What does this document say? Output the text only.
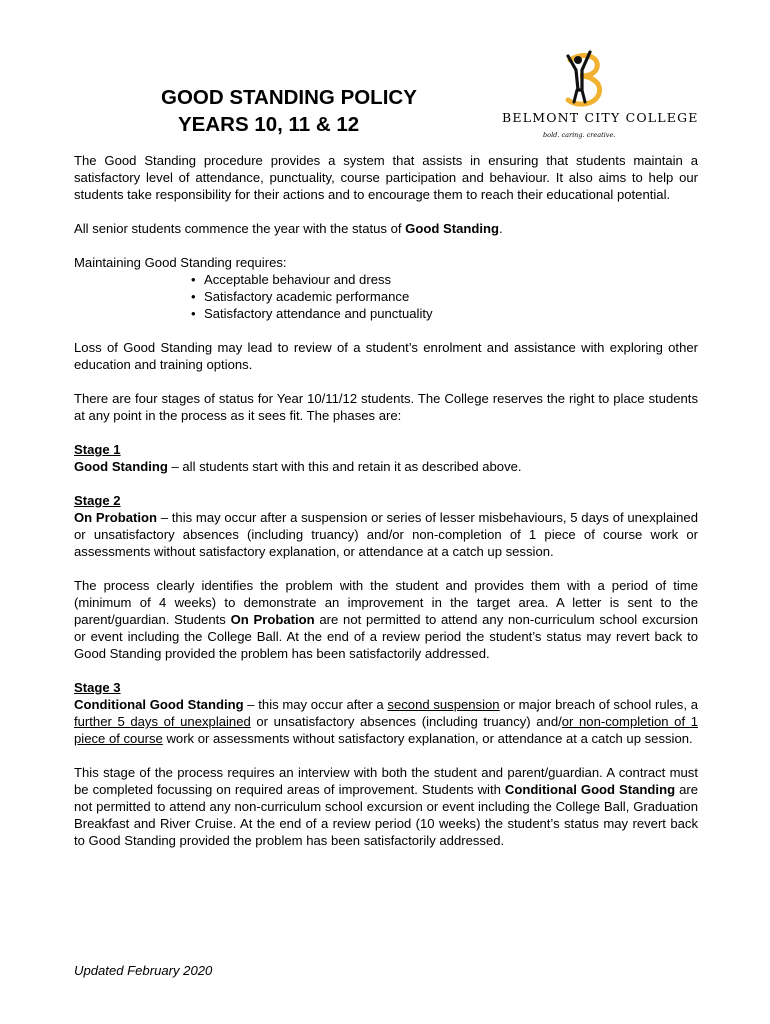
GOOD STANDING POLICY
YEARS 10, 11 & 12	BELMONT CITY COLLEGE
bold. caring. creative.

The Good Standing procedure provides a system that assists in ensuring that students maintain a satisfactory level of attendance, punctuality, course participation and behaviour. It also aims to help our students take responsibility for their actions and to encourage them to reach their educational potential.

All senior students commence the year with the status of Good Standing.

Maintaining Good Standing requires:

• Acceptable behaviour and dress
• Satisfactory academic performance
• Satisfactory attendance and punctuality

Loss of Good Standing may lead to review of a student’s enrolment and assistance with exploring other education and training options.

There are four stages of status for Year 10/11/12 students. The College reserves the right to place students at any point in the process as it sees fit. The phases are:

Stage 1

Good Standing – all students start with this and retain it as described above.

Stage 2

On Probation – this may occur after a suspension or series of lesser misbehaviours, 5 days of unexplained or unsatisfactory absences (including truancy) and/or non-completion of 1 piece of course work or assessments without satisfactory explanation, or attendance at a catch up session.

The process clearly identifies the problem with the student and provides them with a period of time (minimum of 4 weeks) to demonstrate an improvement in the target area. A letter is sent to the parent/guardian. Students On Probation are not permitted to attend any non-curriculum school excursion or event including the College Ball. At the end of a review period the student’s status may revert back to Good Standing provided the problem has been satisfactorily addressed.

Stage 3

Conditional Good Standing – this may occur after a second suspension or major breach of school rules, a further 5 days of unexplained or unsatisfactory absences (including truancy) and/or non-completion of 1 piece of course work or assessments without satisfactory explanation, or attendance at a catch up session.

This stage of the process requires an interview with both the student and parent/guardian. A contract must be completed focussing on required areas of improvement. Students with Conditional Good Standing are not permitted to attend any non-curriculum school excursion or event including the College Ball, Graduation Breakfast and River Cruise. At the end of a review period (10 weeks) the student’s status may revert back to Good Standing provided the problem has been satisfactorily addressed.

Updated February 2020
